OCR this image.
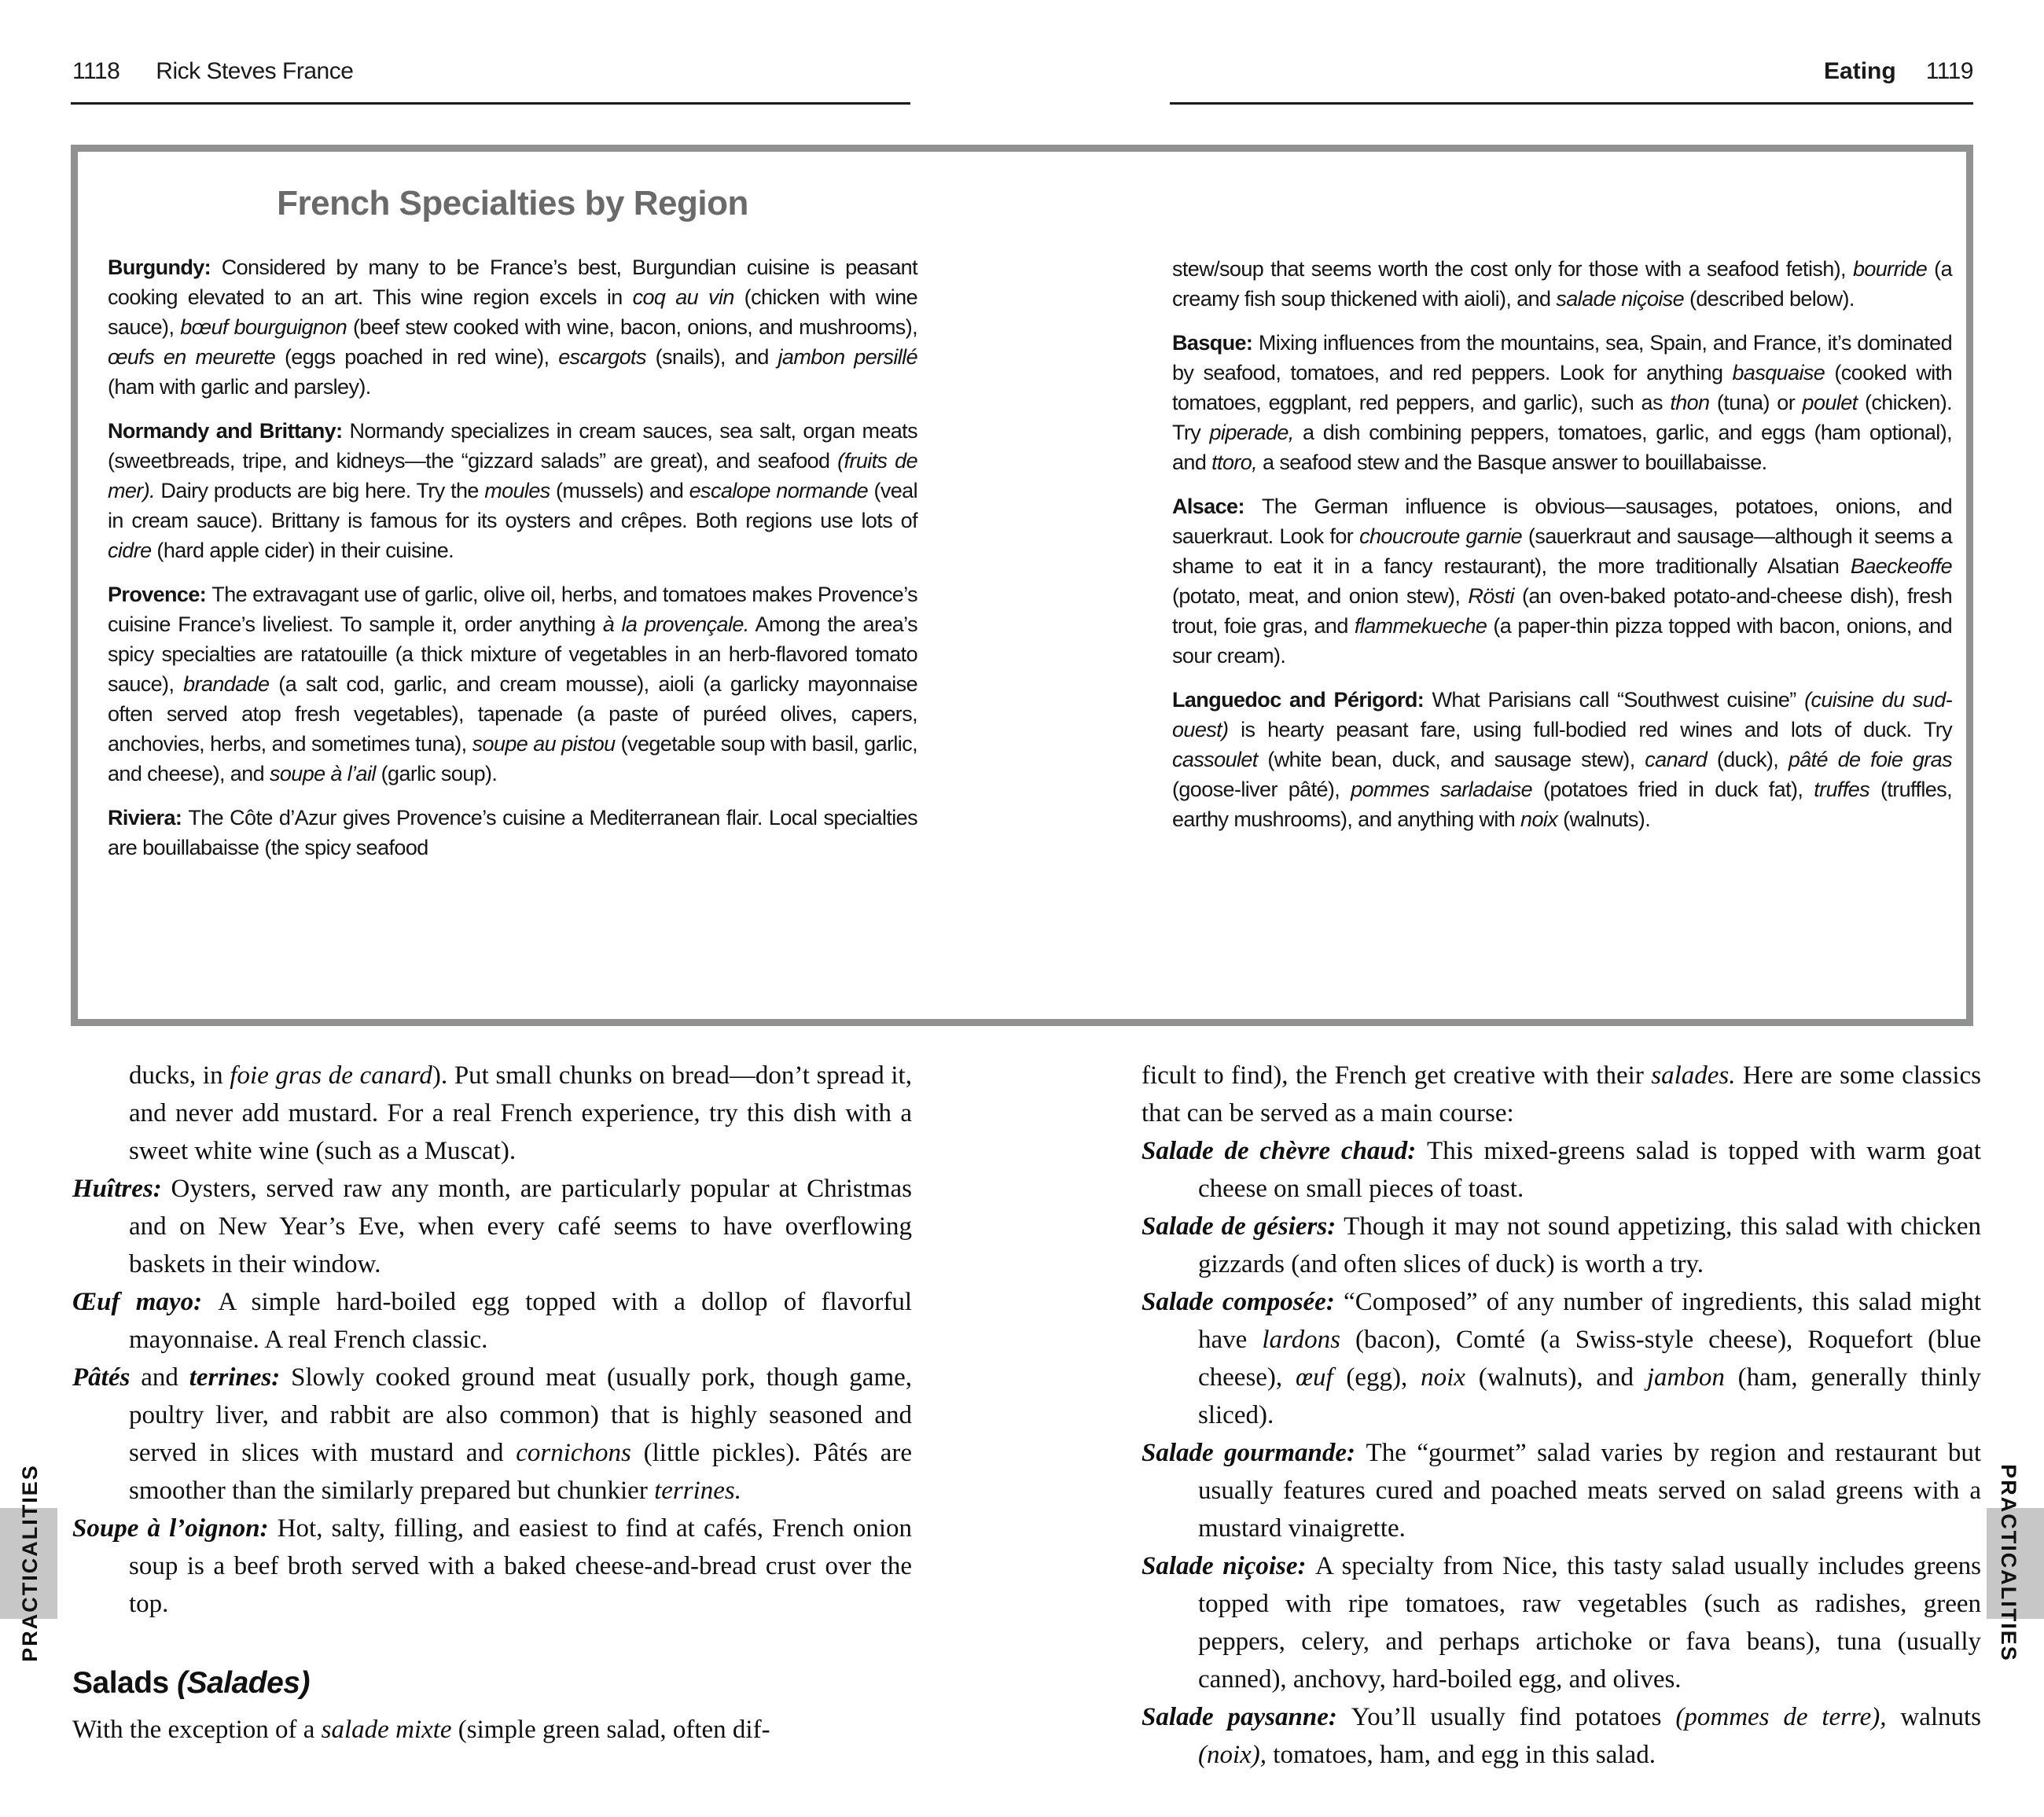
1118 Rick Steves France	Eating 1119
French Specialties by Region

Burgundy: Considered by many to be France’s best, Burgundian cuisine is peasant cooking elevated to an art. This wine region excels in coq au vin (chicken with wine sauce), bœuf bourguignon (beef stew cooked with wine, bacon, onions, and mushrooms), œufs en meurette (eggs poached in red wine), escargots (snails), and jambon persillé (ham with garlic and parsley).

Normandy and Brittany: Normandy specializes in cream sauces, sea salt, organ meats (sweetbreads, tripe, and kidneys—the “gizzard salads” are great), and seafood (fruits de mer). Dairy products are big here. Try the moules (mussels) and escalope normande (veal in cream sauce). Brittany is famous for its oysters and crêpes. Both regions use lots of cidre (hard apple cider) in their cuisine.

Provence: The extravagant use of garlic, olive oil, herbs, and tomatoes makes Provence’s cuisine France’s liveliest. To sample it, order anything à la provençale. Among the area’s spicy specialties are ratatouille (a thick mixture of vegetables in an herb-flavored tomato sauce), brandade (a salt cod, garlic, and cream mousse), aioli (a garlicky mayonnaise often served atop fresh vegetables), tapenade (a paste of puréed olives, capers, anchovies, herbs, and sometimes tuna), soupe au pistou (vegetable soup with basil, garlic, and cheese), and soupe à l’ail (garlic soup).

Riviera: The Côte d’Azur gives Provence’s cuisine a Mediterranean flair. Local specialties are bouillabaisse (the spicy seafood

stew/soup that seems worth the cost only for those with a seafood fetish), bourride (a creamy fish soup thickened with aioli), and salade niçoise (described below).

Basque: Mixing influences from the mountains, sea, Spain, and France, it’s dominated by seafood, tomatoes, and red peppers. Look for anything basquaise (cooked with tomatoes, eggplant, red peppers, and garlic), such as thon (tuna) or poulet (chicken). Try piperade, a dish combining peppers, tomatoes, garlic, and eggs (ham optional), and ttoro, a seafood stew and the Basque answer to bouillabaisse.

Alsace: The German influence is obvious—sausages, potatoes, onions, and sauerkraut. Look for choucroute garnie (sauerkraut and sausage—although it seems a shame to eat it in a fancy restaurant), the more traditionally Alsatian Baeckeoffe (potato, meat, and onion stew), Rösti (an oven-baked potato-and-cheese dish), fresh trout, foie gras, and flammekueche (a paper-thin pizza topped with bacon, onions, and sour cream).

Languedoc and Périgord: What Parisians call “Southwest cuisine” (cuisine du sud-ouest) is hearty peasant fare, using full-bodied red wines and lots of duck. Try cassoulet (white bean, duck, and sausage stew), canard (duck), pâté de foie gras (goose-liver pâté), pommes sarladaise (potatoes fried in duck fat), truffes (truffles, earthy mushrooms), and anything with noix (walnuts).

ducks, in foie gras de canard). Put small chunks on bread—don’t spread it, and never add mustard. For a real French experience, try this dish with a sweet white wine (such as a Muscat).

Huîtres: Oysters, served raw any month, are particularly popular at Christmas and on New Year’s Eve, when every café seems to have overflowing baskets in their window.

Œuf mayo: A simple hard-boiled egg topped with a dollop of flavorful mayonnaise. A real French classic.

Pâtés and terrines: Slowly cooked ground meat (usually pork, though game, poultry liver, and rabbit are also common) that is highly seasoned and served in slices with mustard and cornichons (little pickles). Pâtés are smoother than the similarly prepared but chunkier terrines.

Soupe à l’oignon: Hot, salty, filling, and easiest to find at cafés, French onion soup is a beef broth served with a baked cheese-and-bread crust over the top.

Salads (Salades)

With the exception of a salade mixte (simple green salad, often dif-

ficult to find), the French get creative with their salades. Here are some classics that can be served as a main course:

Salade de chèvre chaud: This mixed-greens salad is topped with warm goat cheese on small pieces of toast.

Salade de gésiers: Though it may not sound appetizing, this salad with chicken gizzards (and often slices of duck) is worth a try.

Salade composée: “Composed” of any number of ingredients, this salad might have lardons (bacon), Comté (a Swiss-style cheese), Roquefort (blue cheese), œuf (egg), noix (walnuts), and jambon (ham, generally thinly sliced).

Salade gourmande: The “gourmet” salad varies by region and restaurant but usually features cured and poached meats served on salad greens with a mustard vinaigrette.

Salade niçoise: A specialty from Nice, this tasty salad usually includes greens topped with ripe tomatoes, raw vegetables (such as radishes, green peppers, celery, and perhaps artichoke or fava beans), tuna (usually canned), anchovy, hard-boiled egg, and olives.

Salade paysanne: You’ll usually find potatoes (pommes de terre), walnuts (noix), tomatoes, ham, and egg in this salad.

PRACTICALITIES	PRACTICALITIES
